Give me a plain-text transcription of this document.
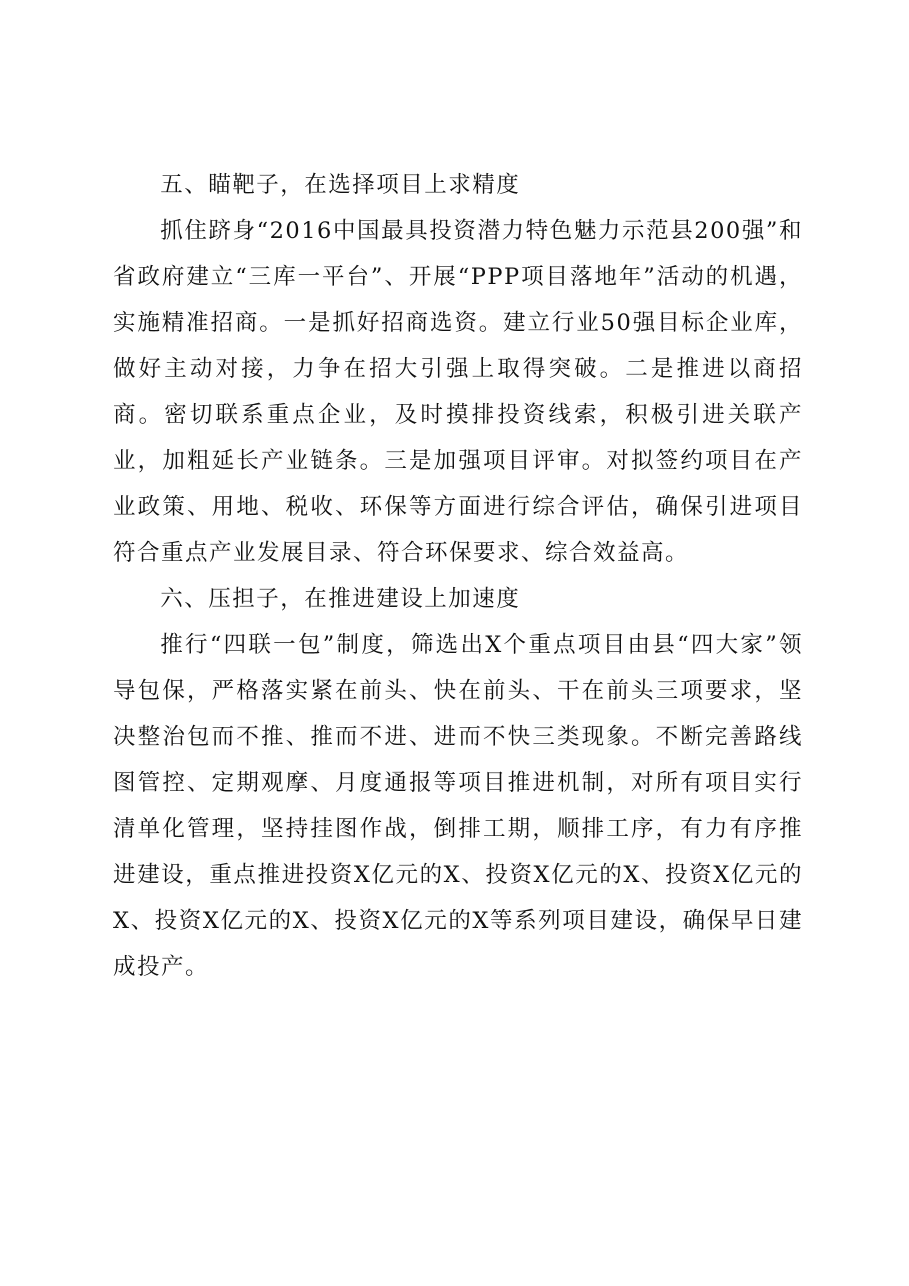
五、瞄靶子，在选择项目上求精度

抓住跻身“2016中国最具投资潜力特色魅力示范县200强”和省政府建立“三库一平台”、开展“PPP项目落地年”活动的机遇，实施精准招商。一是抓好招商选资。建立行业50强目标企业库，做好主动对接，力争在招大引强上取得突破。二是推进以商招商。密切联系重点企业，及时摸排投资线索，积极引进关联产业，加粗延长产业链条。三是加强项目评审。对拟签约项目在产业政策、用地、税收、环保等方面进行综合评估，确保引进项目符合重点产业发展目录、符合环保要求、综合效益高。

六、压担子，在推进建设上加速度

推行“四联一包”制度，筛选出X个重点项目由县“四大家”领导包保，严格落实紧在前头、快在前头、干在前头三项要求，坚决整治包而不推、推而不进、进而不快三类现象。不断完善路线图管控、定期观摩、月度通报等项目推进机制，对所有项目实行清单化管理，坚持挂图作战，倒排工期，顺排工序，有力有序推进建设，重点推进投资X亿元的X、投资X亿元的X、投资X亿元的X、投资X亿元的X、投资X亿元的X等系列项目建设，确保早日建成投产。
